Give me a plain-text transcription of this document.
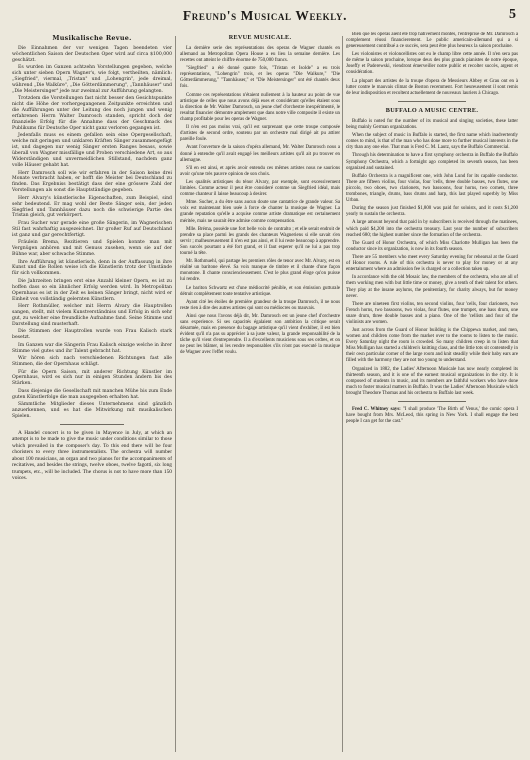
Freund's Musical Weekly.	5
Musikalische Revue.

Die Einnahmen der vor wenigen Tagen beendeten vier wöchentlichen Saison der Deutschen Oper wird auf circa $100,000 geschätzt.

Es wurden im Ganzen achtzehn Vorstellungen gegeben, welche sich unter sieben Opern Wagner's, wie folgt, vertheilten, nämlich: „Siegfried", viermal, „Tristan" und „Lohengrin", jede dreimal, während „Die Walküre", „Die Götterdämmerung", „Tannhäuser" und „Die Meistersinger" jede nur zweimal zur Aufführung gelangten.

Trotzdem die Vorstellungen fast nicht besser den Gesichtspunkte nicht die Höhe der vorhergegangenen Zeitpunkte erreichten und die Aufführungen unter der Leitung des noch jungen und wenig erfahrenen Herrn Walter Damrosch standen, spricht doch der finanzielle Erfolg für die Annahme dass der Geschmack des Publikums für Deutsche Oper nicht ganz verloren gegangen ist.

Jedenfalls muss es einem gefallen sein eine Opergesellschaft, welche mit geringen und unklaren Kräften Sänger zusammengefügt ist, und dagegen nur wenig Sänger ersten Ranges besass, sowie überall von Wagner missfällige und Proben verschiedene Art, so aus Widerständigen und unvermeidlichen Stillstand, nachdem ganz volle Häuser gehabt hat.

Herr Damrosch soll wie wir erfahren in der Saison keine drei Monate verbracht haben, er hofft die Meister bei Deutschland zu finden. Das Ergebniss bestätigt dass der eine grössere Zahl der Vorstellungen als sonst die Hauptständige gegeben.

Herr Alvary's künstlerische Eigenschaften, zum Beispiel, sind sehr bedeutend. Er mag wohl der Beste Sänger sein, der jeden Siegfried und Tannhäuser dazu noch die schwierige Partie des Tristan gleich, gut verkörpert.

Frau Sucher war gerade eine große Sängerin, im Wagnerischen Stil fast wahrhaftig ausgezeichnet. Ihr großer Ruf auf Deutschland ist ganz und gar gerechtfertigt.

Fräulein Brema, Rezitieren und Spielen konnte man mit Vergnügen anhören und mit Genuss zusehen, wenn sie auf der Bühne war, aber schwache Stimme.

Ihre Aufführung ist künstlerisch, denn in der Auffassung in ihre Kunst und die Rollen weise ich die Künstlerin trotz der Umstände für sich vollkommen.

Die Jahrzeiten bringen erst eine Anzahl kleiner Opern, es ist zu hoffen dass so ein ähnlicher Erfolg werden wird. In Metropolitan Opernhaus es ist in der Zeit es keinen Sänger bringt, nicht wird er Einheit von vollständig gelernten Künstlern.

Herr Rothmüller, welcher mit Herrn Alvary die Hauptrollen sangen, stellt, mit vielem Kunstverständniss und Erfolg in sich sehr gut, zu welcher eine freundliche Aufnahme fand. Seine Stimme und Darstellung sind musterhaft.

Die Stimmen der Hauptrollen wurde von Frau Kalisch stark besetzt.

Im Ganzen war die Sängerin Frau Kalisch einzige welche in ihrer Stimme viel gutes und ihr Talent gebracht hat.

Wir hören sich nach verschiedenen Richtungen fast alle Stimmen, die der Opernhaus schlägt.

Für die Opern Saison, mit anderer Richtung Künstler im Opernhaus, wird es sich nur in einigen Stunden ändern bis des Stärken.

Dass diejenige die Gesellschaft mit manchen Mühe bis zum Ende guten Künstlerfolge die man ausgegeben erhalten hat.

Sämmtliche Mitglieder dieses Unternehmens sind gänzlich anzuerkennen, und es hat die Mitwirkung mit musikalischen Spielen.

A Handel concert is to be given in Mayence in July, at which an attempt is to be made to give the music under conditions similar to those which prevailed in the composer's day. To this end there will be four choristers to every three instrumentalists. The orchestra will number about 100 musicians, an organ and two pianos for the accompaniments of recitatives, and besides the strings, twelve oboes, twelve fagotti, six long trumpets, etc., will be included. The chorus is not to have more than 150 voices.

REVUE MUSICALE.

La dernière serie des représentations des operas de Wagner chantés en allemand au Metropolitan Opera House a eu lieu la semaine dernière. Les recettes ont atteint le chiffre énorme de 750,000 francs.

"Siegfried" a été donné quatre fois, "Tristan et Isolde" a eu trois représentations, "Lohengrin" trois, et les operas "Die Walkure," "Die Götterdämmerung," "Tannhäuser," et "Die Meistersinger" ont été chantés deux fois.

Comme ces représentations n'étaient nullement à la hauteur au point de vue artistique de celles que nous avons déjà eues et considérant qu'elles étaient sous la direction de Mr. Walter Damrosch, un jeune chef d'orchestre inexpérimenté, le resultat financier démontre amplement que dans notre ville composite il existe un champ profitable pour les operas de Wagner.

Il n'en est pas moins vrai, qu'il est surprenant que cette troupe composée d'artistes de second ordre, soutenu par un orchestre mal dirigé ait pu attirer pareille foule.

Avant l'ouverture de la saison d'opéra allemand, Mr. Walter Damrosch nous a donné à entendre qu'il avait engagé les meilleurs artistes qu'il ait pu trouver en allemagne.

S'il en est ainsi, et après avoir entendu ces mêmes artistes nous ne saurions avoir qu'une très pauvre opinion de son choix.

Les qualités artistiques du ténor Alvary, par exemple, sont excessivement limitées. Comme acteur il peut être consideré comme un Siegfried idéal, mais comme chanteur il laisse beaucoup à desirer.

Mme. Sucher, a du être sans aucun doute une cantatrice de grande valeur. Sa voix est maintenant bien usée à force de chanter la musique de Wagner. La grande reputation qu'elle a acquise comme artiste dramatique est certainement méritée, mais ne saurait être admise comme compensation.

Mlle. Bréma, possède une fort belle voix de contralto ; et elle serait endroit de prendre sa place parmi les grands des chanteurs Wagneriens si elle savait s'en servir ; malheureusement il n'en est pas ainsi, et il lui reste beaucoup à apprendre. Son succès pourtant a été fort grand, et il faut esperer qu'il ne lui a pas trop tourné la tête.

Mr. Rothmuehl, qui partage les premiers rôles de tenor avec Mr. Alvary, est en réalité un baritone élevé. Sa voix manque de timbre et il chante d'une façon monotone. Il chante consciencieusement. C'est le plus grand éloge qu'on puisse lui rendre.

Le bariton Schwartz est d'une médiocrité pénible, et son émission gutturale détruit complètement toute tentative artistique.

Ayant cité les étoiles de première grandeur de la troupe Damrosch, il ne nous reste rien à dire des autres artistes qui sont ou médiocres ou mauvais.

Ainsi que nous l'avons déjà dit, Mr. Damrosch est un jeune chef d'orchestre sans experience. Si ses capacités égalaient son ambition la critique serait désarmée, mais en presence du bagage artistique qu'il vient d'exhiber, il est bien évident qu'il n'a pas su apprécier à sa juste valeur, la grande responsabilité de la tâche qu'il vient d'entreprendre. Il a d'excellents musiciens sous ses ordres, et on ne peut les blâmer, ni les rendre responsables s'ils n'ont pas executé la musique de Wagner avec l'effet voulu.

Bien que les operas aient été trop hativement montés, l'entreprise de Mr. Damrosch a complement réussi financierement. Le public americain-allemand qui a si genereusement contribué a ce succès, sera peut être plus heureux la saison prochaine.

Les violonistes et violoncellistes ont eu le champ libre cette année. Il n'en sera pas de même la saison prochaine, lorsque deux des plus grands pianistes de notre époque, Joseffy et Paderewski, viendront émerveiller notre public et recolter succès, argent et considération.

La plupart des artistes de la troupe d'opera de Messieurs Abbey et Grau ont en à lutter contre le mauvais climat de Boston recemment. Fort heureusement il sont remis de leur indisposition et recoltent actuellement de nouveaux lauriers à Chicago.

BUFFALO A MUSIC CENTRE.

Buffalo is noted for the number of its musical and singing societies, these latter being mainly German organizations.

When the subject of music in Buffalo is started, the first name which inadvertently comes to mind, is that of the man who has done more to further musical interests in the city than any one else. That man is Fred C. M. Lautz, says the Buffalo Commercial.

Through his determination to have a first symphony orchestra in Buffalo the Buffalo Symphony Orchestra, which a fortnight ago completed its seventh season, has been organized and sustained.

Buffalo Orchestra is a magnificent one, with John Lund for its capable conductor. There are fifteen violins, four violas, four 'cells, three double basses, two flutes, one piccolo, two oboes, two clarionets, two bassoons, four horns, two cornets, three trombones, triangle, drums, bass drums and harp, this last played superbly by Miss Urban.

During the season just finished $1,800 was paid for soloists, and it costs $1,200 yearly to sustain the orchestra.

A large amount beyond that paid in by subscribers is received through the matinees, which paid $4,200 into the orchestra treasury. Last year the number of subscribers reached 680; the highest number since the formation of the orchestra.

The Guard of Honor Orchestra, of which Miss Charlotte Mulligan has been the conductor since its organization, is now in its fourth season.

There are 55 members who meet every Saturday evening for rehearsal at the Guard of Honor rooms. A rule of this orchestra is never to play for money or at any entertainment where an admission fee is charged or a collection taken up.

In accordance with the old Mosaic law, the members of the orchestra, who are all of them working men with but little time or money, give a tenth of their talent for others. They play at the insane asylums, the penitentiary, for charity always, but for money never.

There are nineteen first violins, ten second violins, four 'cells, four clarionets, two French horns, two bassoons, two violas, four flutes, one trumpet, one bass drum, one snare drum, three double basses and a piano. One of the 'cellists and four of the violinists are women.

Just across from the Guard of Honor building is the Chippewa market, and men, women and children come from the market over to the rooms to listen to the music. Every Saturday night the room is crowded. So many children creep in to listen that Miss Mulligan has started a children's knitting class, and the little tots sit contentedly in their own particular corner of the large room and knit steadily while their baby ears are filled with the harmony they are not too young to understand.

Organized in 1882, the Ladies' Afternoon Musicale has now nearly completed its thirteenth season, and it is one of the earnest musical organizations in the city. It is composed of students in music, and its members are faithful workers who have done much to foster musical matters in Buffalo. It was the Ladies' Afternoon Musicale which brought Theodore Thomas and his orchestra to Buffalo last week.

Fred C. Whitney says: "I shall produce 'The Birth of Venus,' the comic opera I have bought from Mrs. McLeod, this spring in New York. I shall engage the best people I can get for the cast."
